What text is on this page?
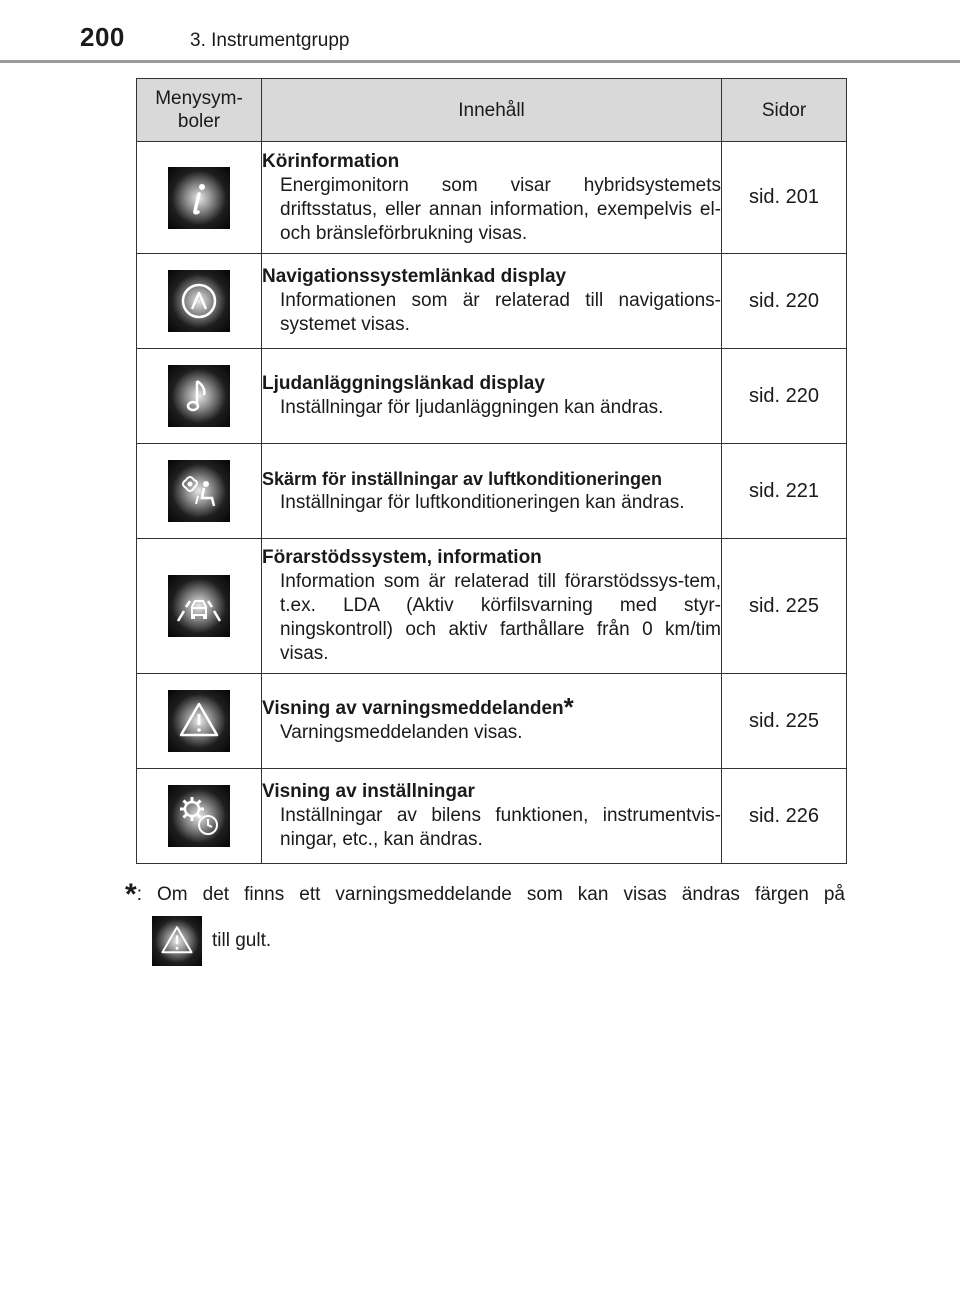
200	3. Instrumentgrupp
Menysym-
boler	Innehåll	Sidor

Körinformation
Energimonitorn som visar hybridsystemets driftsstatus, eller annan information, exempelvis el- och bränsleförbrukning visas.	sid. 201

Navigationssystemlänkad display
Informationen som är relaterad till navigations-systemet visas.	sid. 220

Ljudanläggningslänkad display
Inställningar för ljudanläggningen kan ändras.	sid. 220

Skärm för inställningar av luftkonditioneringen
Inställningar för luftkonditioneringen kan ändras.	sid. 221

Förarstödssystem, information
Information som är relaterad till förarstödssys-tem, t.ex. LDA (Aktiv körfilsvarning med styr-ningskontroll) och aktiv farthållare från 0 km/tim visas.	sid. 225

Visning av varningsmeddelanden*
Varningsmeddelanden visas.	sid. 225

Visning av inställningar
Inställningar av bilens funktionen, instrumentvis-ningar, etc., kan ändras.	sid. 226
*: Om det finns ett varningsmeddelande som kan visas ändras färgen på
till gult.
